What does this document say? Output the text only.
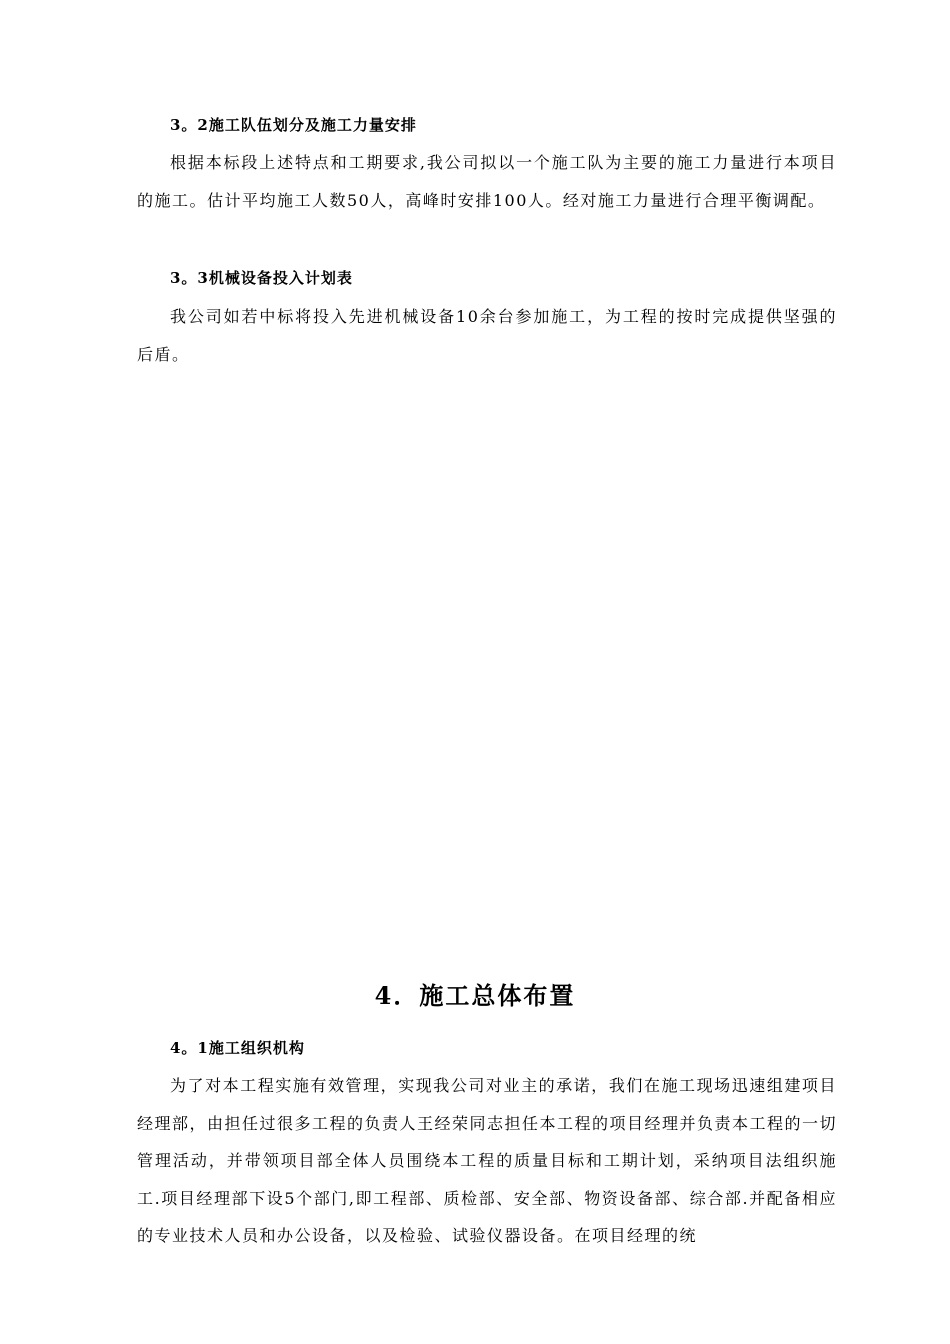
3。2施工队伍划分及施工力量安排
根据本标段上述特点和工期要求,我公司拟以一个施工队为主要的施工力量进行本项目的施工。估计平均施工人数50人，高峰时安排100人。经对施工力量进行合理平衡调配。
3。3机械设备投入计划表
我公司如若中标将投入先进机械设备10余台参加施工，为工程的按时完成提供坚强的后盾。
4．施工总体布置
4。1施工组织机构
为了对本工程实施有效管理，实现我公司对业主的承诺，我们在施工现场迅速组建项目经理部，由担任过很多工程的负责人王经荣同志担任本工程的项目经理并负责本工程的一切管理活动，并带领项目部全体人员围绕本工程的质量目标和工期计划，采纳项目法组织施工.项目经理部下设5个部门,即工程部、质检部、安全部、物资设备部、综合部.并配备相应的专业技术人员和办公设备，以及检验、试验仪器设备。在项目经理的统
